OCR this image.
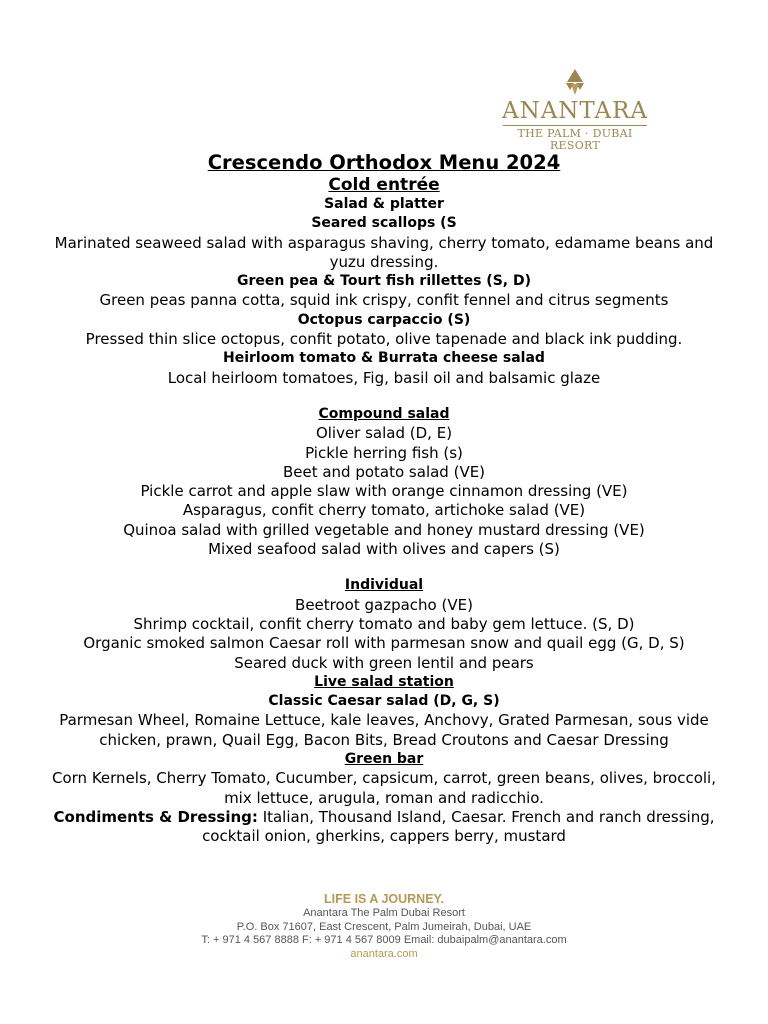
ANANTARA
THE PALM · DUBAI
RESORT
Crescendo Orthodox Menu 2024
Cold entrée
Salad & platter
Seared scallops (S
Marinated seaweed salad with asparagus shaving, cherry tomato, edamame beans and yuzu dressing.
Green pea & Tourt fish rillettes (S, D)
Green peas panna cotta, squid ink crispy, confit fennel and citrus segments
Octopus carpaccio (S)
Pressed thin slice octopus, confit potato, olive tapenade and black ink pudding.
Heirloom tomato & Burrata cheese salad
Local heirloom tomatoes, Fig, basil oil and balsamic glaze
Compound salad
Oliver salad (D, E)
Pickle herring fish (s)
Beet and potato salad (VE)
Pickle carrot and apple slaw with orange cinnamon dressing (VE)
Asparagus, confit cherry tomato, artichoke salad (VE)
Quinoa salad with grilled vegetable and honey mustard dressing (VE)
Mixed seafood salad with olives and capers (S)
Individual
Beetroot gazpacho (VE)
Shrimp cocktail, confit cherry tomato and baby gem lettuce. (S, D)
Organic smoked salmon Caesar roll with parmesan snow and quail egg (G, D, S)
Seared duck with green lentil and pears
Live salad station
Classic Caesar salad (D, G, S)
Parmesan Wheel, Romaine Lettuce, kale leaves, Anchovy, Grated Parmesan, sous vide chicken, prawn, Quail Egg, Bacon Bits, Bread Croutons and Caesar Dressing
Green bar
Corn Kernels, Cherry Tomato, Cucumber, capsicum, carrot, green beans, olives, broccoli, mix lettuce, arugula, roman and radicchio.
Condiments & Dressing: Italian, Thousand Island, Caesar. French and ranch dressing, cocktail onion, gherkins, cappers berry, mustard
LIFE IS A JOURNEY.
Anantara The Palm Dubai Resort
P.O. Box 71607, East Crescent, Palm Jumeirah, Dubai, UAE
T: + 971 4 567 8888 F: + 971 4 567 8009 Email: dubaipalm@anantara.com
anantara.com
